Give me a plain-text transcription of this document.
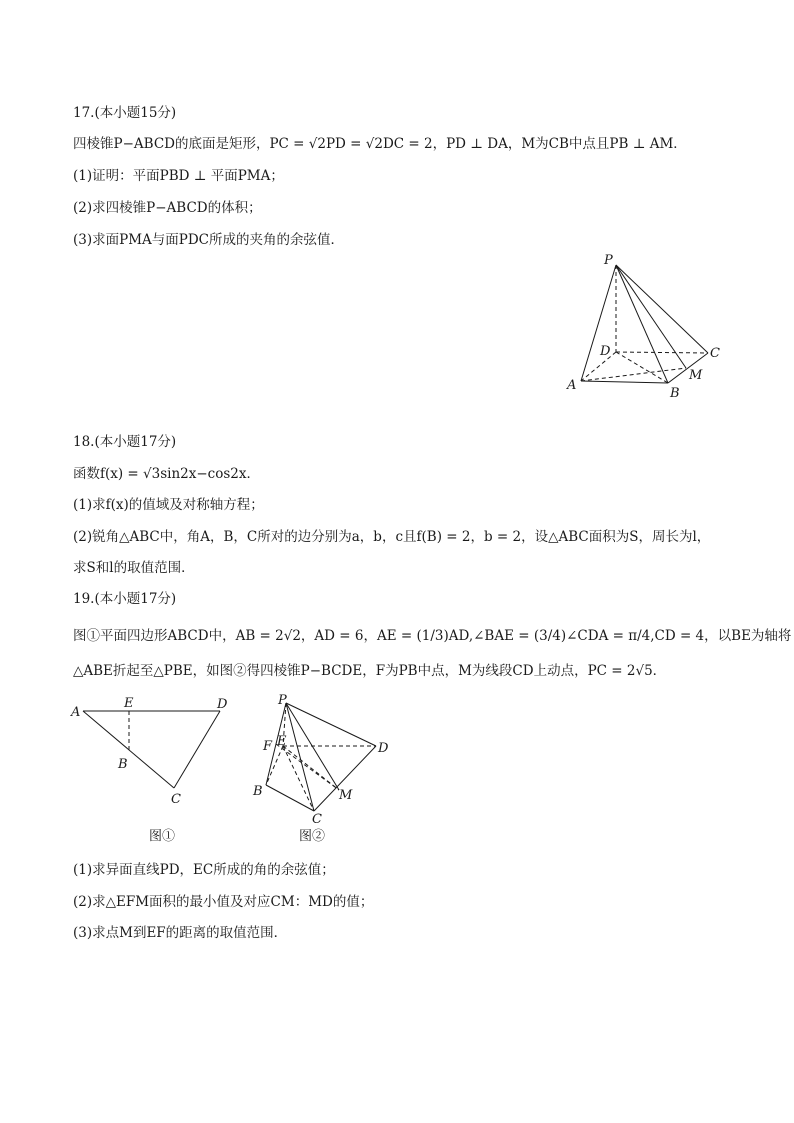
17.(本小题15分)
四棱锥P−ABCD的底面是矩形，PC = √2PD = √2DC = 2，PD ⊥ DA，M为CB中点且PB ⊥ AM．
(1)证明：平面PBD ⊥ 平面PMA；
(2)求四棱锥P−ABCD的体积；
(3)求面PMA与面PDC所成的夹角的余弦值．
P
D	C
M
A
B
18.(本小题17分)
函数f(x) = √3sin2x−cos2x．
(1)求f(x)的值域及对称轴方程；
(2)锐角△ABC中，角A，B，C所对的边分别为a，b，c且f(B) = 2，b = 2，设△ABC面积为S，周长为l，
求S和l的取值范围．
19.(本小题17分)
图①平面四边形ABCD中，AB = 2√2，AD = 6，AE = (1/3)AD,∠BAE = (3/4)∠CDA = π/4,CD = 4，以BE为轴将
△ABE折起至△PBE，如图②得四棱锥P−BCDE，F为PB中点，M为线段CD上动点，PC = 2√5．
A
E	D
B
C
图①
P
F E	D
B	M
C
图②
(1)求异面直线PD，EC所成的角的余弦值；
(2)求△EFM面积的最小值及对应CM：MD的值；
(3)求点M到EF的距离的取值范围．
